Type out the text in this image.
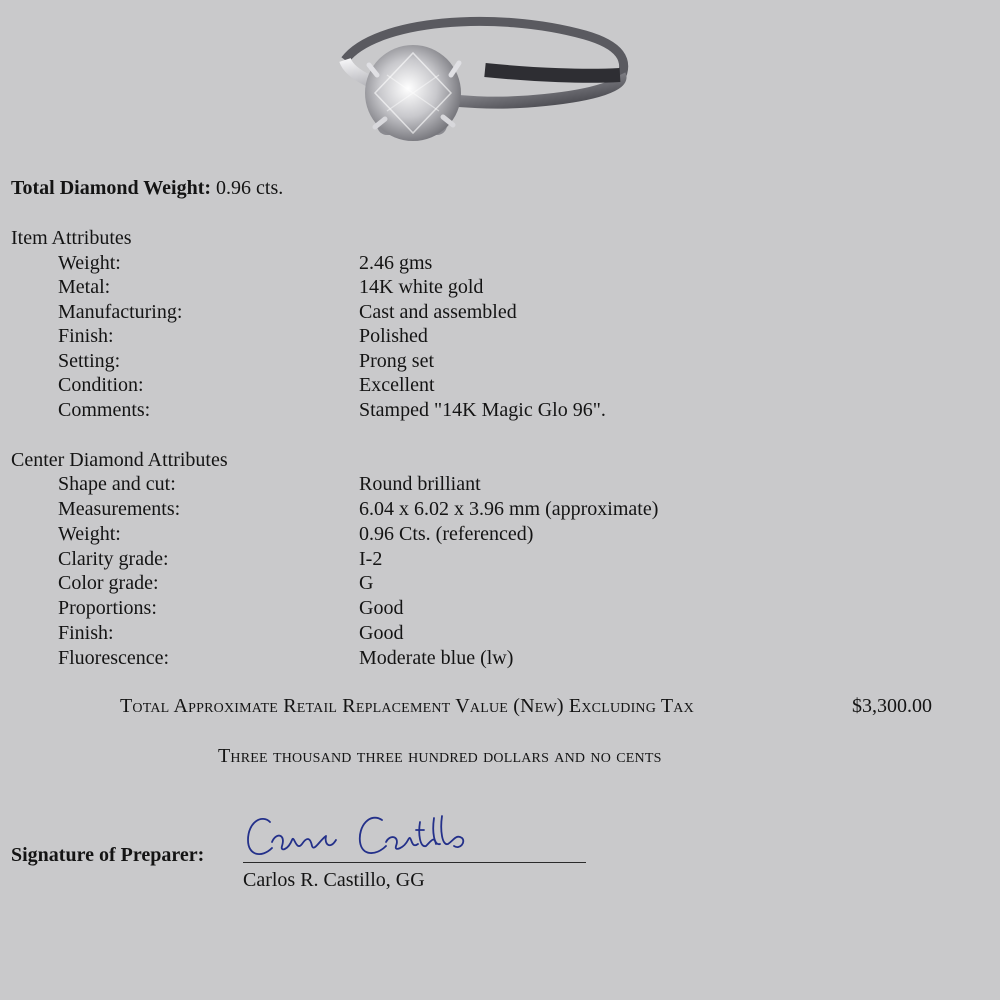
Total Diamond Weight: 0.96 cts.
Item Attributes
Weight:	2.46 gms
Metal:	14K white gold
Manufacturing:	Cast and assembled
Finish:	Polished
Setting:	Prong set
Condition:	Excellent
Comments:	Stamped "14K Magic Glo 96".
Center Diamond Attributes
Shape and cut:	Round brilliant
Measurements:	6.04 x 6.02 x 3.96 mm (approximate)
Weight:	0.96 Cts. (referenced)
Clarity grade:	I-2
Color grade:	G
Proportions:	Good
Finish:	Good
Fluorescence:	Moderate blue (lw)
Total Approximate Retail Replacement Value (New) Excluding Tax	$3,300.00
Three thousand three hundred dollars and no cents
Signature of Preparer:
Carlos R. Castillo, GG
